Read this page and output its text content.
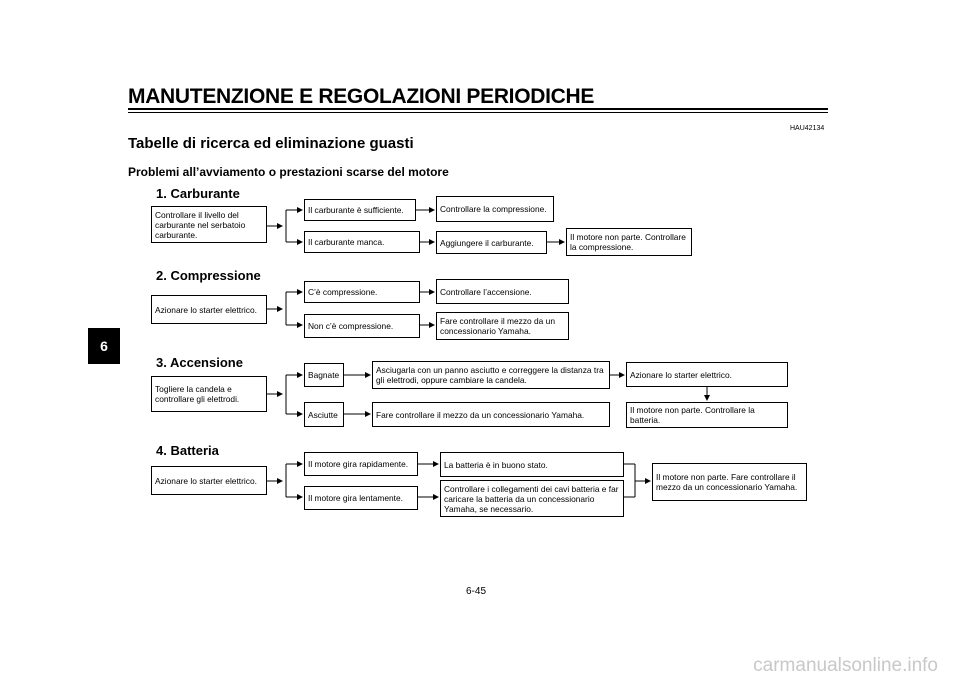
MANUTENZIONE E REGOLAZIONI PERIODICHE
HAU42134
Tabelle di ricerca ed eliminazione guasti
Problemi all’avviamento o prestazioni scarse del motore
6
1. Carburante
Controllare il livello del carburante nel serbatoio carburante.
Il carburante è sufficiente.	Controllare la compressione.
Il carburante manca.	Aggiungere il carburante.
Il motore non parte. Controllare la compressione.
2. Compressione
Azionare lo starter elettrico.
C’è compressione.	Controllare l’accensione.
Non c’è compressione.	Fare controllare il mezzo da un concessionario Yamaha.
3. Accensione
Togliere la candela e controllare gli elettrodi.
Bagnate	Asciugarla con un panno asciutto e correggere la distanza tra gli elettrodi, oppure cambiare la candela.
Azionare lo starter elettrico.
Asciutte	Fare controllare il mezzo da un concessionario Yamaha.	Il motore non parte. Controllare la batteria.
4. Batteria
Azionare lo starter elettrico.
Il motore gira rapidamente.	La batteria è in buono stato.
Il motore gira lentamente.
Controllare i collegamenti dei cavi batteria e far caricare la batteria da un concessionario Yamaha, se necessario.
Il motore non parte. Fare controllare il mezzo da un concessionario Yamaha.
6-45
carmanualsonline.info
